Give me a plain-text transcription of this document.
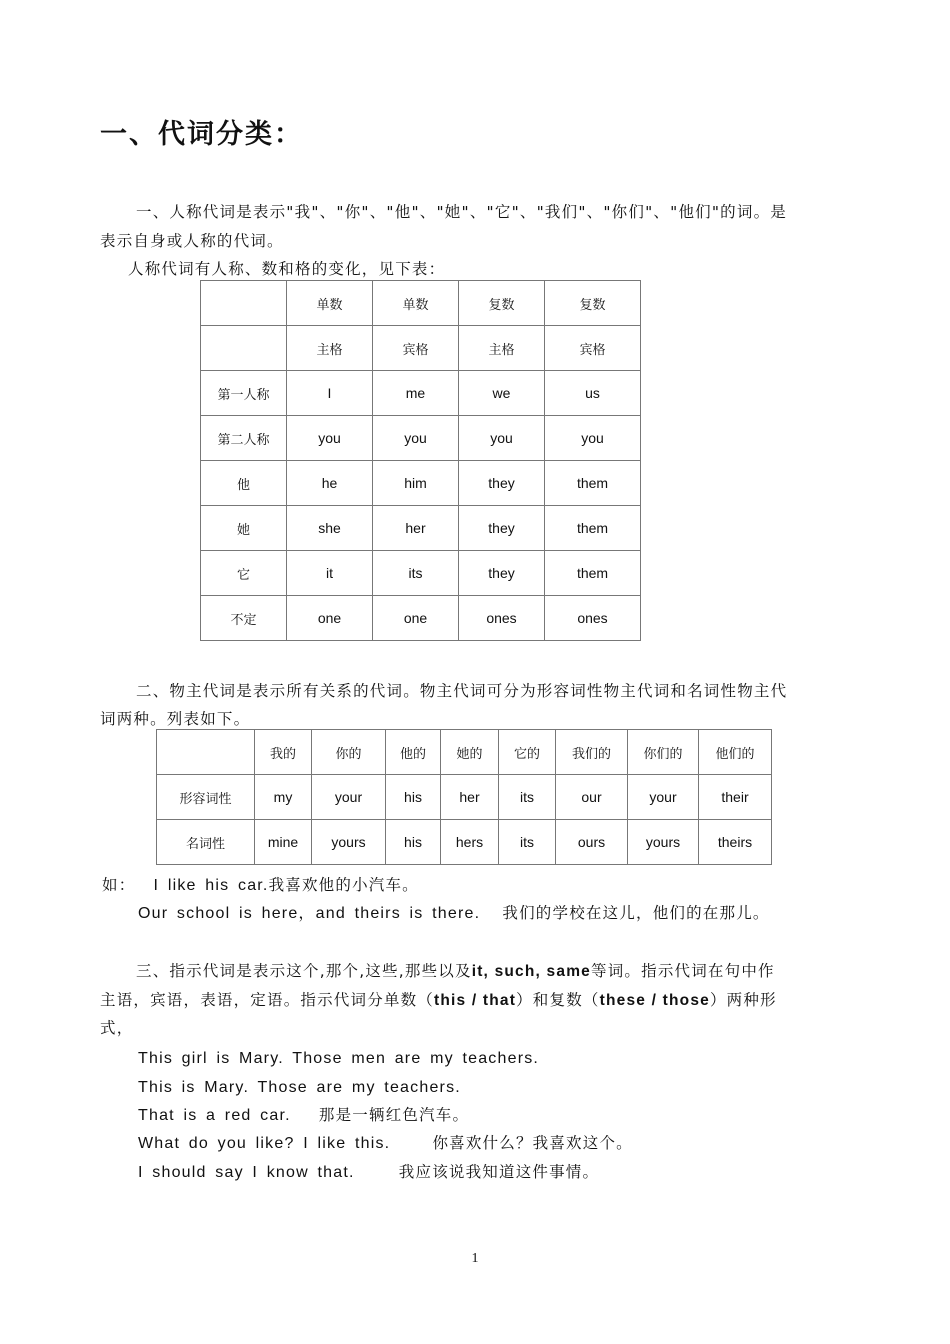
一、代词分类：
一、人称代词是表示"我"、"你"、"他"、"她"、"它"、"我们"、"你们"、"他们"的词。是
表示自身或人称的代词。
人称代词有人称、数和格的变化，见下表：
	单数	单数	复数	复数
	主格	宾格	主格	宾格
第一人称	I	me	we	us
第二人称	you	you	you	you
他	he	him	they	them
她	she	her	they	them
它	it	its	they	them
不定	one	one	ones	ones
二、物主代词是表示所有关系的代词。物主代词可分为形容词性物主代词和名词性物主代
词两种。列表如下。
	我的	你的	他的	她的	它的	我们的	你们的	他们的
形容词性	my	your	his	her	its	our	your	their
名词性	mine	yours	his	hers	its	ours	yours	theirs
如： I like his car.我喜欢他的小汽车。
Our school is here，and theirs is there. 我们的学校在这儿，他们的在那儿。
三、指示代词是表示这个,那个,这些,那些以及it, such, same等词。指示代词在句中作
主语，宾语，表语，定语。指示代词分单数（this / that）和复数（these / those）两种形
式，
This girl is Mary. Those men are my teachers.
This is Mary. Those are my teachers.
That is a red car. 那是一辆红色汽车。
What do you like? I like this.	你喜欢什么？我喜欢这个。
I should say I know that.	我应该说我知道这件事情。
1
